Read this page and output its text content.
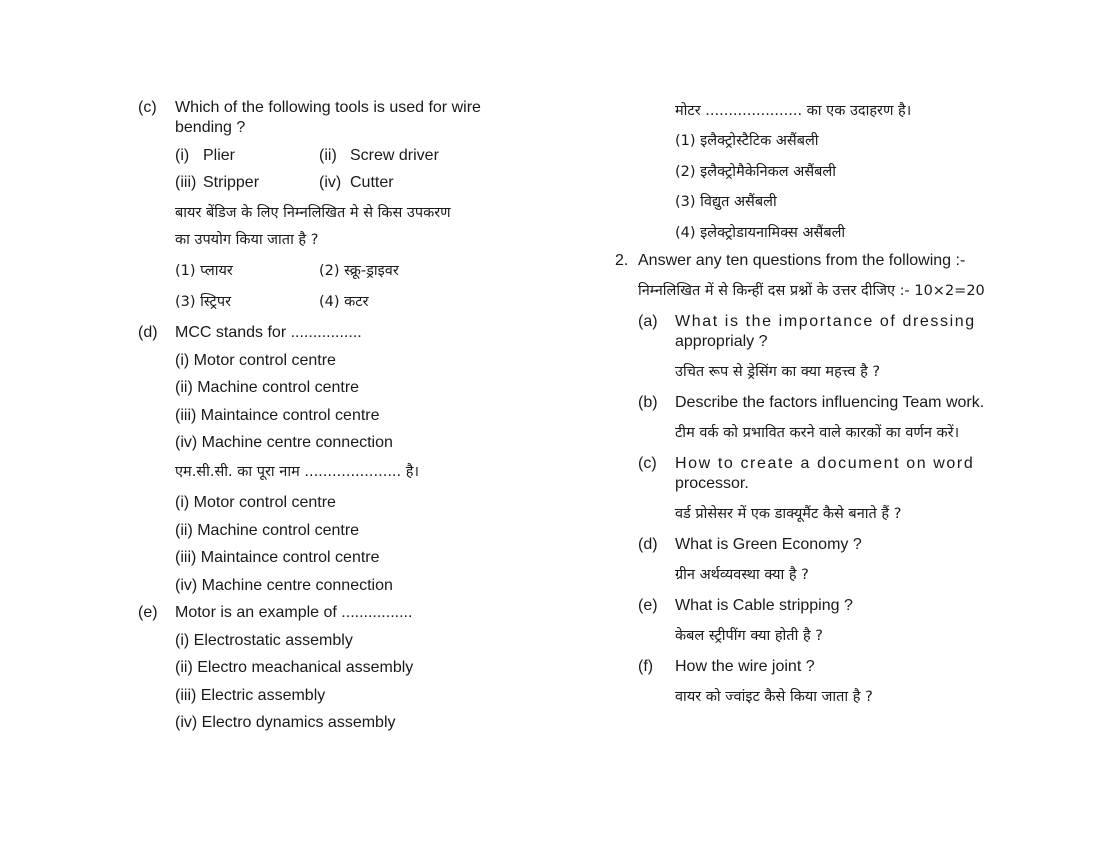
(c) Which of the following tools is used for wire
bending ?
(i) Plier	(ii) Screw driver
(iii) Stripper	(iv) Cutter
बायर बेंडिज के लिए निम्नलिखित मे से किस उपकरण
का उपयोग किया जाता है ?
(1) प्लायर	(2) स्क्रू-ड्राइवर
(3) स्ट्रिपर	(4) कटर
(d) MCC stands for ................
(i) Motor control centre
(ii) Machine control centre
(iii) Maintaince control centre
(iv) Machine centre connection
एम.सी.सी. का पूरा नाम ..................... है।
(i) Motor control centre
(ii) Machine control centre
(iii) Maintaince control centre
(iv) Machine centre connection
(e) Motor is an example of ................
(i) Electrostatic assembly
(ii) Electro meachanical assembly
(iii) Electric assembly
(iv) Electro dynamics assembly
मोटर ..................... का एक उदाहरण है।
(1) इलैक्ट्रोस्टैटिक असैंबली
(2) इलैक्ट्रोमैकेनिकल असैंबली
(3) विद्युत असैंबली
(4) इलेक्ट्रोडायनामिक्स असैंबली
2. Answer any ten questions from the following :-
निम्नलिखित में से किन्हीं दस प्रश्नों के उत्तर दीजिए :- 10×2=20
(a) What is the importance of dressing
approprialy ?
उचित रूप से ड्रेसिंग का क्या महत्त्व है ?
(b) Describe the factors influencing Team work.
टीम वर्क को प्रभावित करने वाले कारकों का वर्णन करें।
(c) How to create a document on word
processor.
वर्ड प्रोसेसर में एक डाक्यूमैंट कैसे बनाते हैं ?
(d) What is Green Economy ?
ग्रीन अर्थव्यवस्था क्या है ?
(e) What is Cable stripping ?
केबल स्ट्रीपींग क्या होती है ?
(f) How the wire joint ?
वायर को ज्वांइट कैसे किया जाता है ?
